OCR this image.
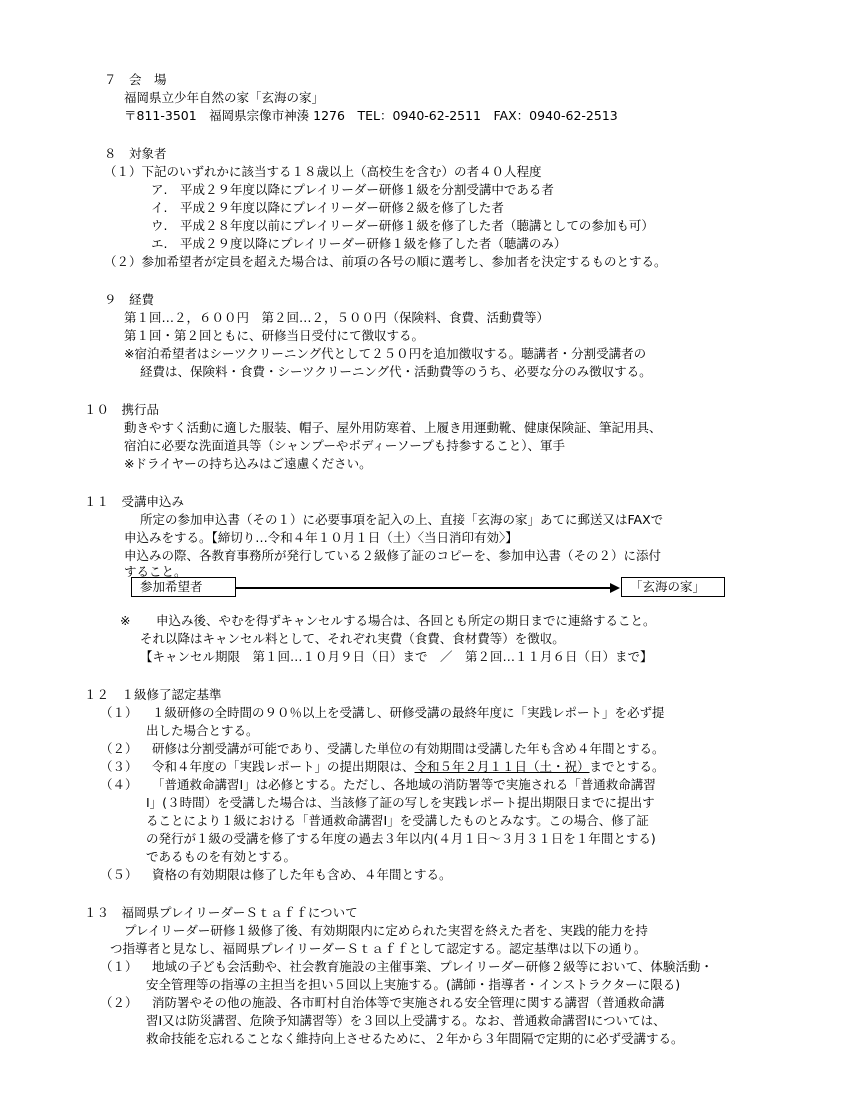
７　会　場
福岡県立少年自然の家「玄海の家」
〒811-3501　福岡県宗像市神湊 1276　TEL：0940-62-2511　FAX：0940-62-2513
８　対象者
（１）下記のいずれかに該当する１８歳以上（高校生を含む）の者４０人程度
ア.　平成２９年度以降にプレイリーダー研修１級を分割受講中である者
イ.　平成２９年度以降にプレイリーダー研修２級を修了した者
ウ.　平成２８年度以前にプレイリーダー研修１級を修了した者（聴講としての参加も可）
エ.　平成２９度以降にプレイリーダー研修１級を修了した者（聴講のみ）
（２）参加希望者が定員を超えた場合は、前項の各号の順に選考し、参加者を決定するものとする。
９　経費
第１回…２，６００円　第２回…２，５００円（保険料、食費、活動費等）
第１回・第２回ともに、研修当日受付にて徴収する。
※宿泊希望者はシーツクリーニング代として２５０円を追加徴収する。聴講者・分割受講者の
経費は、保険料・食費・シーツクリーニング代・活動費等のうち、必要な分のみ徴収する。
１０　携行品
動きやすく活動に適した服装、帽子、屋外用防寒着、上履き用運動靴、健康保険証、筆記用具、
宿泊に必要な洗面道具等（シャンプーやボディーソープも持参すること）、軍手
※ドライヤーの持ち込みはご遠慮ください。
１１　受講申込み
所定の参加申込書（その１）に必要事項を記入の上、直接「玄海の家」あてに郵送又はFAXで
申込みをする。【締切り…令和４年１０月１日（土）〈当日消印有効〉】
申込みの際、各教育事務所が発行している２級修了証のコピーを、参加申込書（その２）に添付
すること。
参加希望者	「玄海の家」
※ 申込み後、やむを得ずキャンセルする場合は、各回とも所定の期日までに連絡すること。
それ以降はキャンセル料として、それぞれ実費（食費、食材費等）を徴収。
【キャンセル期限　第１回…１０月９日（日）まで　／　第２回…１１月６日（日）まで】
１２　１級修了認定基準
（１） １級研修の全時間の９０％以上を受講し、研修受講の最終年度に「実践レポート」を必ず提
出した場合とする。
（２） 研修は分割受講が可能であり、受講した単位の有効期間は受講した年も含め４年間とする。
（３） 令和４年度の「実践レポート」の提出期限は、令和５年２月１１日（土・祝）までとする。
（４） 「普通救命講習Ⅰ」は必修とする。ただし、各地域の消防署等で実施される「普通救命講習
Ⅰ」(３時間）を受講した場合は、当該修了証の写しを実践レポート提出期限日までに提出す
ることにより１級における「普通救命講習Ⅰ」を受講したものとみなす。この場合、修了証
の発行が１級の受講を修了する年度の過去３年以内(４月１日～３月３１日を１年間とする)
であるものを有効とする。
（５） 資格の有効期限は修了した年も含め、４年間とする。
１３　福岡県プレイリーダーＳｔａｆｆについて
プレイリーダー研修１級修了後、有効期限内に定められた実習を終えた者を、実践的能力を持
つ指導者と見なし、福岡県プレイリーダーＳｔａｆｆとして認定する。認定基準は以下の通り。
（１） 地域の子ども会活動や、社会教育施設の主催事業、プレイリーダー研修２級等において、体験活動・
安全管理等の指導の主担当を担い５回以上実施する。(講師・指導者・インストラクターに限る)
（２） 消防署やその他の施設、各市町村自治体等で実施される安全管理に関する講習（普通救命講
習Ⅰ又は防災講習、危険予知講習等）を３回以上受講する。なお、普通救命講習Ⅰについては、
救命技能を忘れることなく維持向上させるために、２年から３年間隔で定期的に必ず受講する。
